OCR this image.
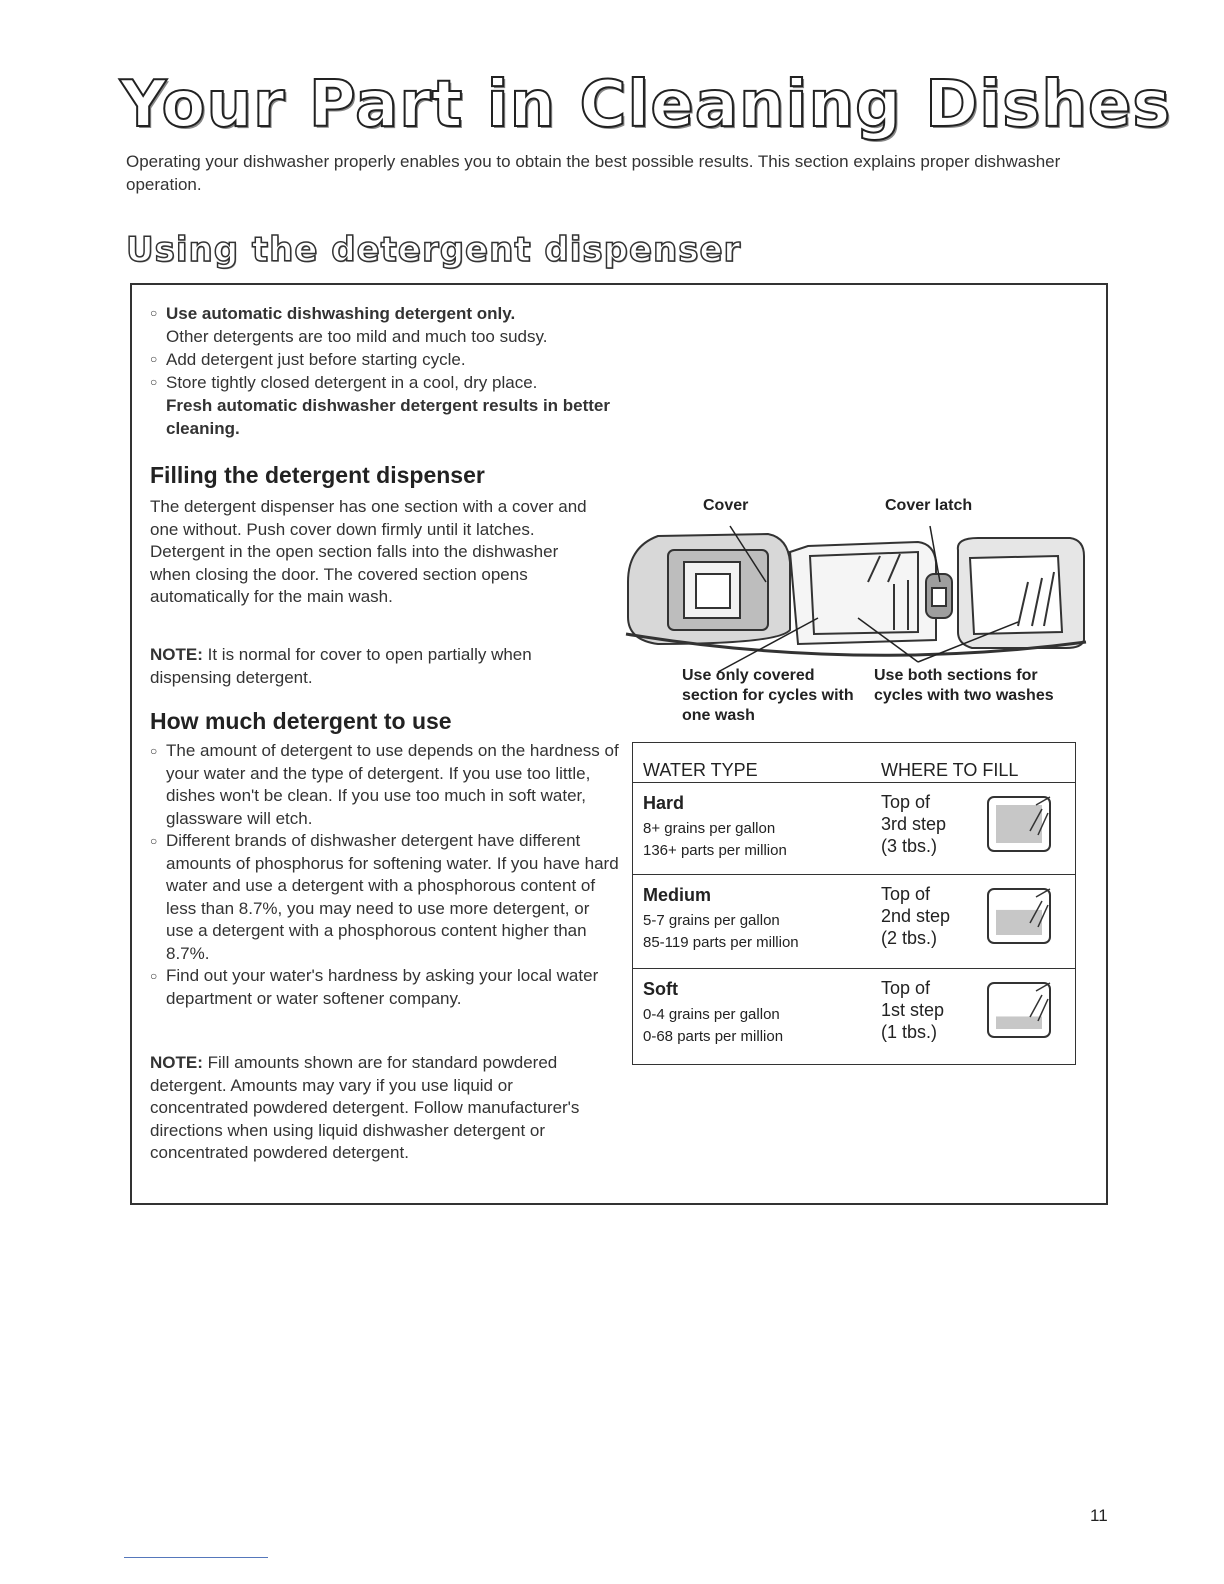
Your Part in Cleaning Dishes
Operating your dishwasher properly enables you to obtain the best possible results. This section explains proper dishwasher operation.
Using the detergent dispenser
○ Use automatic dishwashing detergent only.
Other detergents are too mild and much too sudsy.
○ Add detergent just before starting cycle.
○ Store tightly closed detergent in a cool, dry place.
Fresh automatic dishwasher detergent results in better cleaning.
Filling the detergent dispenser
The detergent dispenser has one section with a cover and one without. Push cover down firmly until it latches. Detergent in the open section falls into the dishwasher when closing the door. The covered section opens automatically for the main wash.
NOTE: It is normal for cover to open partially when dispensing detergent.
How much detergent to use
○ The amount of detergent to use depends on the hardness of your water and the type of detergent. If you use too little, dishes won't be clean. If you use too much in soft water, glassware will etch.
○ Different brands of dishwasher detergent have different amounts of phosphorus for softening water. If you have hard water and use a detergent with a phosphorous content of less than 8.7%, you may need to use more detergent, or use a detergent with a phosphorous content higher than 8.7%.
○ Find out your water's hardness by asking your local water department or water softener company.
NOTE: Fill amounts shown are for standard powdered detergent. Amounts may vary if you use liquid or concentrated powdered detergent. Follow manufacturer's directions when using liquid dishwasher detergent or concentrated powdered detergent.
Cover	Cover latch
Use only covered section for cycles with one wash
Use both sections for cycles with two washes
WATER TYPE	WHERE TO FILL
Hard
8+ grains per gallon
136+ parts per million
Top of
3rd step
(3 tbs.)
Medium
5-7 grains per gallon
85-119 parts per million
Top of
2nd step
(2 tbs.)
Soft
0-4 grains per gallon
0-68 parts per million
Top of
1st step
(1 tbs.)
11
